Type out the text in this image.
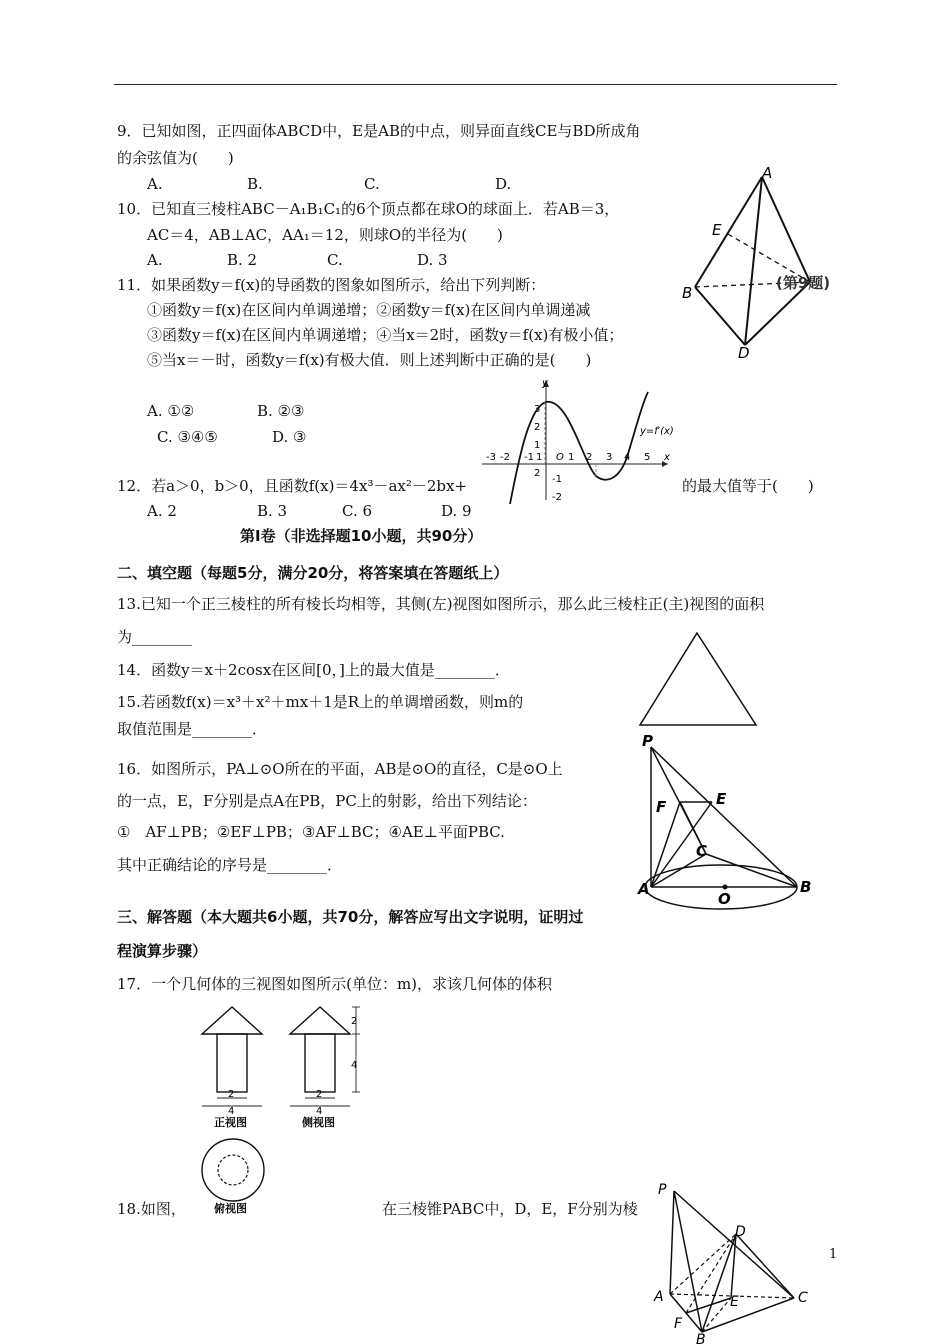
9．已知如图，正四面体ABCD中，E是AB的中点，则异面直线CE与BD所成角
的余弦值为(　　)
A.	B.	C.	D.
A
E
B
D
(第9题)
10．已知直三棱柱ABC－A₁B₁C₁的6个顶点都在球O的球面上．若AB＝3，
AC＝4，AB⊥AC，AA₁＝12，则球O的半径为(　　)
A.	B. 2	C.	D. 3
11．如果函数y＝f(x)的导函数的图象如图所示，给出下列判断：
①函数y＝f(x)在区间内单调递增；②函数y＝f(x)在区间内单调递减
③函数y＝f(x)在区间内单调递增；④当x＝2时，函数y＝f(x)有极小值；
⑤当x＝－时，函数y＝f(x)有极大值．则上述判断中正确的是(　　)
A. ①②	B. ②③
C. ③④⑤	D. ③
-3 -2 -1 1 O 1 2 3 4 5 x
y
3
2
1
2
-1
-2
y=f′(x)
12．若a＞0，b＞0，且函数f(x)＝4x³－ax²－2bx+	的最大值等于(　　)
A. 2	B. 3	C. 6	D. 9
第Ⅰ卷（非选择题10小题，共90分）
二、填空题（每题5分，满分20分，将答案填在答题纸上）
13.已知一个正三棱柱的所有棱长均相等，其侧(左)视图如图所示，那么此三棱柱正(主)视图的面积
为________
14．函数y＝x＋2cosx在区间[0，]上的最大值是________．
15.若函数f(x)＝x³＋x²＋mx＋1是R上的单调增函数，则m的
取值范围是________．
16．如图所示，PA⊥⊙O所在的平面，AB是⊙O的直径，C是⊙O上
的一点，E，F分别是点A在PB，PC上的射影，给出下列结论：
①　AF⊥PB；②EF⊥PB；③AF⊥BC；④AE⊥平面PBC.
其中正确结论的序号是________．
P
F	E
C
A
O
B
三、解答题（本大题共6小题，共70分，解答应写出文字说明，证明过
程演算步骤）
17．一个几何体的三视图如图所示(单位：m)，求该几何体的体积
2
4
2
4
2
4
正视图	侧视图
俯视图
18.如图，	在三棱锥PABC中，D，E，F分别为棱
P
D
A	E	C
F
B
1
